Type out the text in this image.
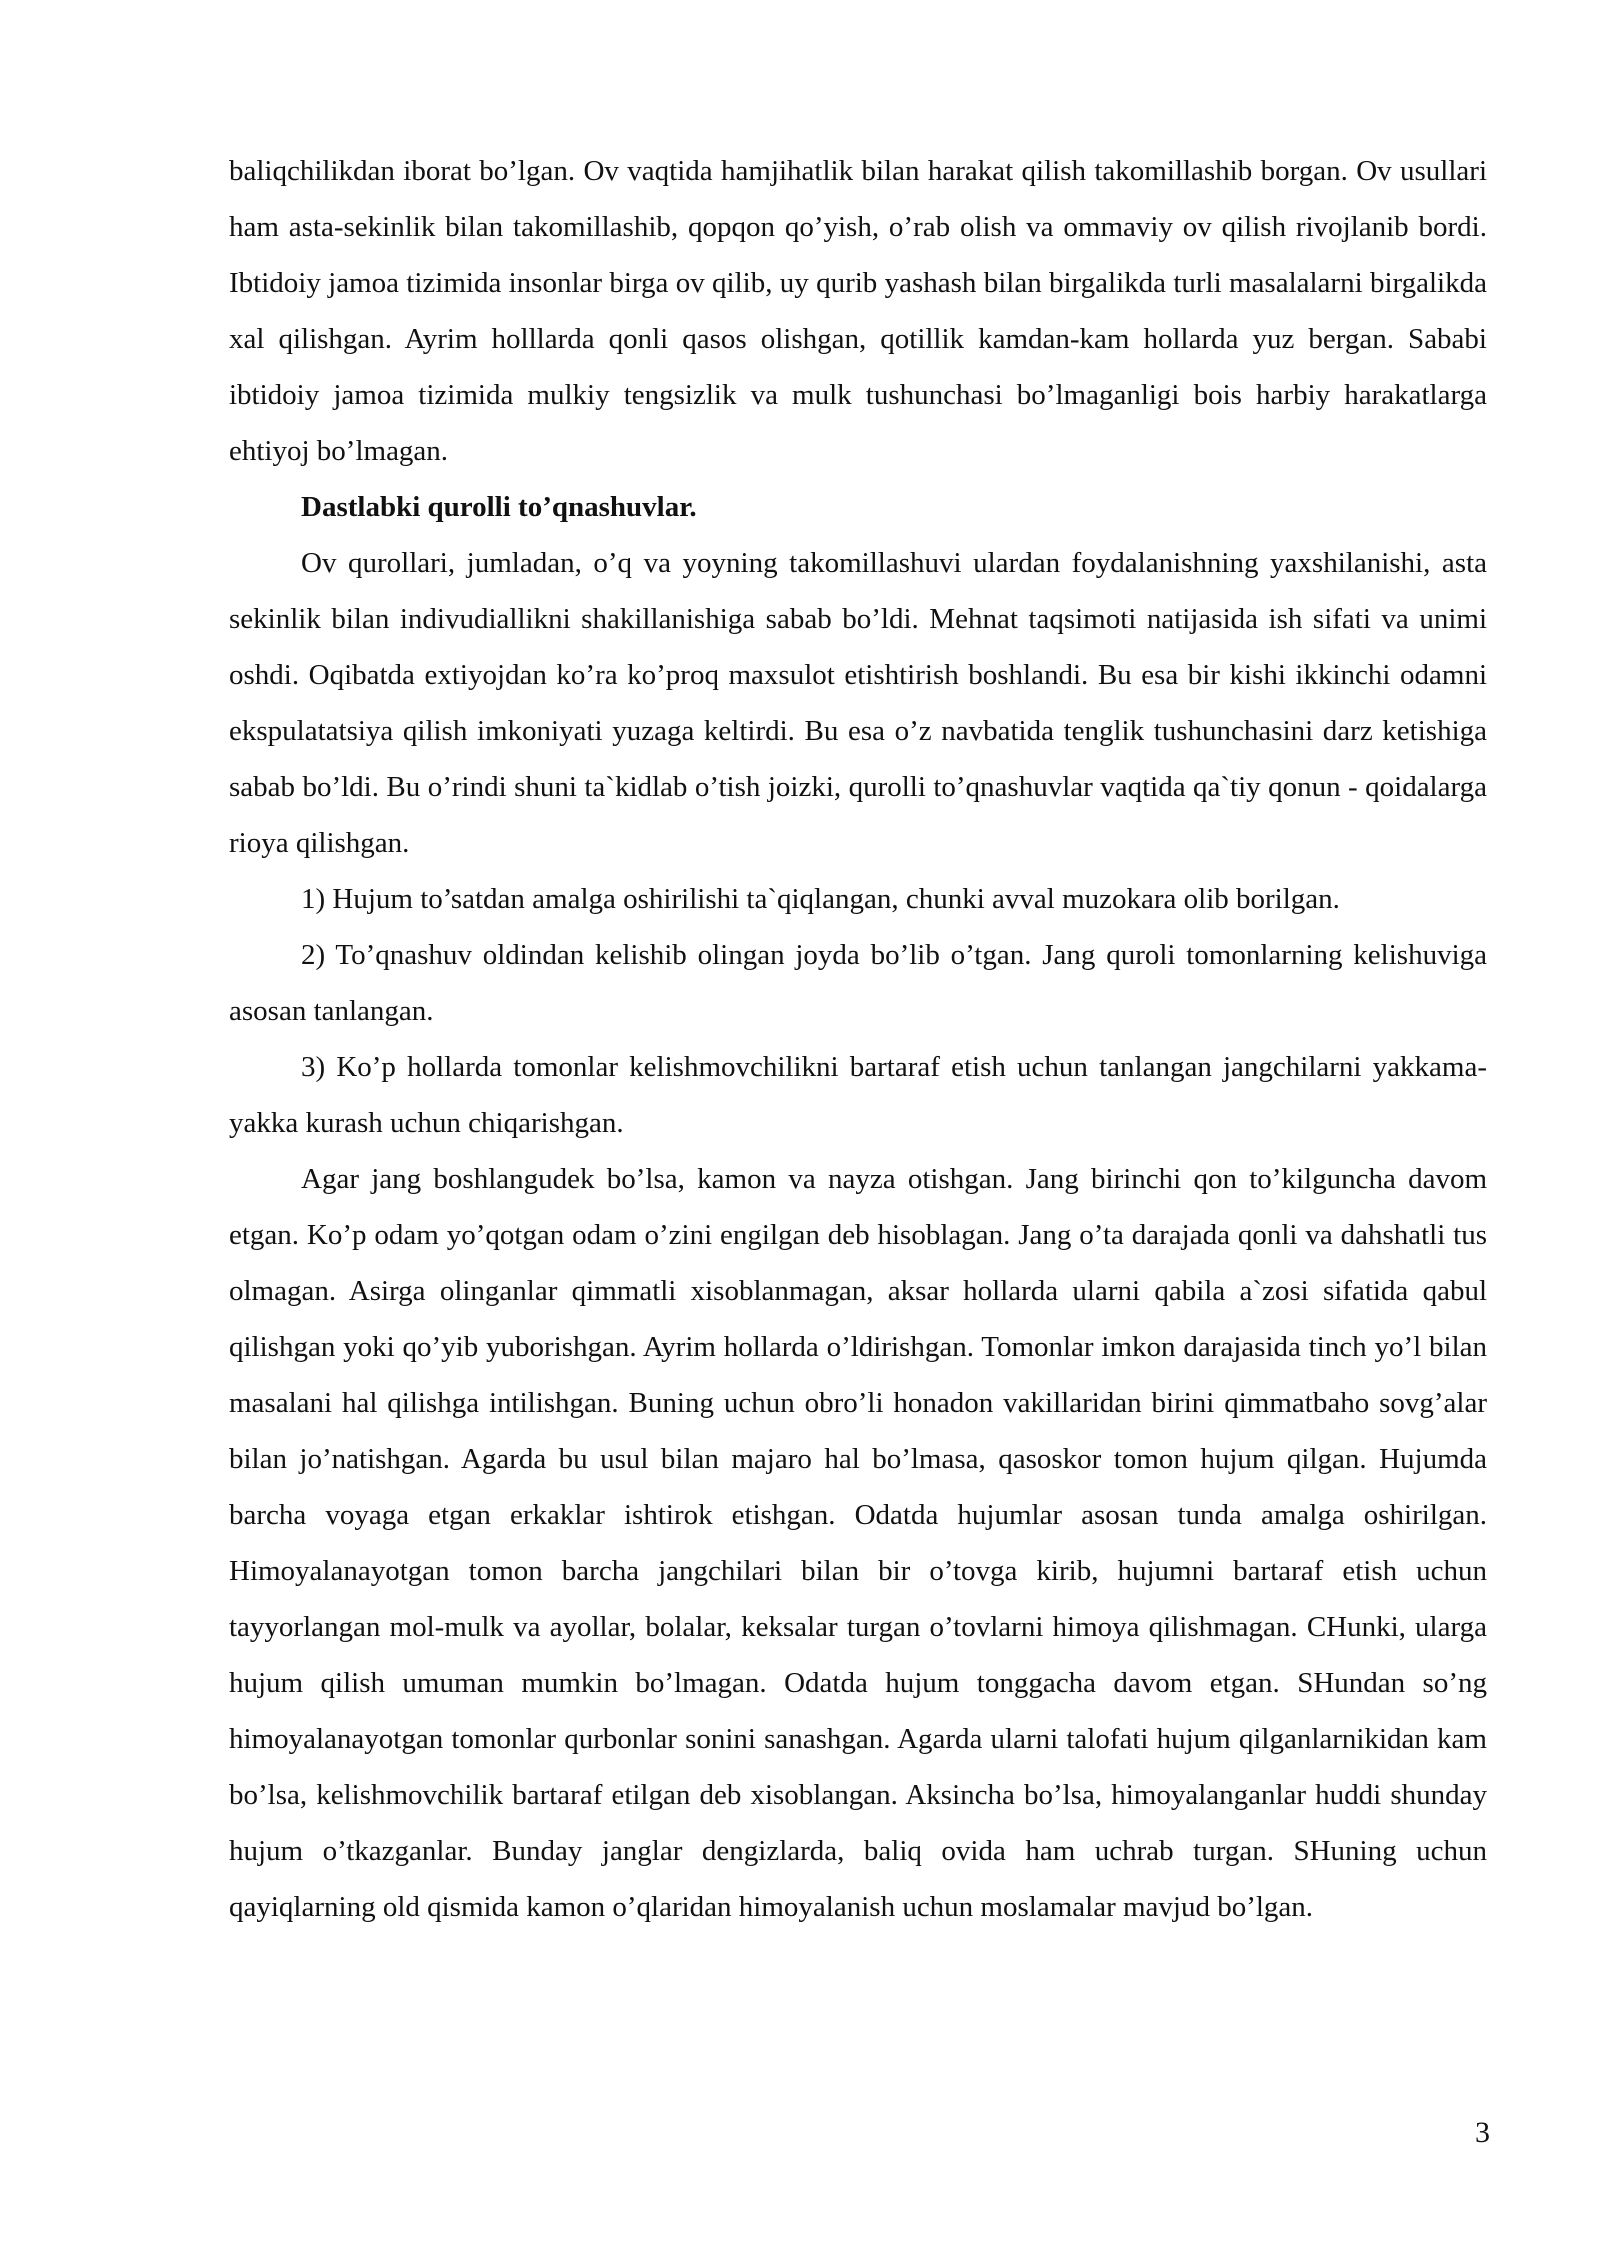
baliqchilikdan iborat bo’lgan. Ov vaqtida hamjihatlik bilan harakat qilish takomillashib borgan. Ov usullari ham asta-sekinlik bilan takomillashib, qopqon qo’yish, o’rab olish va ommaviy ov qilish rivojlanib bordi. Ibtidoiy jamoa tizimida insonlar birga ov qilib, uy qurib yashash bilan birgalikda turli masalalarni birgalikda xal qilishgan. Ayrim holllarda qonli qasos olishgan, qotillik kamdan-kam hollarda yuz bergan. Sababi ibtidoiy jamoa tizimida mulkiy tengsizlik va mulk tushunchasi bo’lmaganligi bois harbiy harakatlarga ehtiyoj bo’lmagan.

Dastlabki qurolli to’qnashuvlar.

Ov qurollari, jumladan, o’q va yoyning takomillashuvi ulardan foydalanishning yaxshilanishi, asta sekinlik bilan indivudiallikni shakillanishiga sabab bo’ldi. Mehnat taqsimoti natijasida ish sifati va unimi oshdi. Oqibatda extiyojdan ko’ra ko’proq maxsulot etishtirish boshlandi. Bu esa bir kishi ikkinchi odamni ekspulatatsiya qilish imkoniyati yuzaga keltirdi. Bu esa o’z navbatida tenglik tushunchasini darz ketishiga sabab bo’ldi. Bu o’rindi shuni ta`kidlab o’tish joizki, qurolli to’qnashuvlar vaqtida qa`tiy qonun - qoidalarga rioya qilishgan.

1) Hujum to’satdan amalga oshirilishi ta`qiqlangan, chunki avval muzokara olib borilgan.

2) To’qnashuv oldindan kelishib olingan joyda bo’lib o’tgan. Jang quroli tomonlarning kelishuviga asosan tanlangan.

3) Ko’p hollarda tomonlar kelishmovchilikni bartaraf etish uchun tanlangan jangchilarni yakkama-yakka kurash uchun chiqarishgan.

Agar jang boshlangudek bo’lsa, kamon va nayza otishgan. Jang birinchi qon to’kilguncha davom etgan. Ko’p odam yo’qotgan odam o’zini engilgan deb hisoblagan. Jang o’ta darajada qonli va dahshatli tus olmagan. Asirga olinganlar qimmatli xisoblanmagan, aksar hollarda ularni qabila a`zosi sifatida qabul qilishgan yoki qo’yib yuborishgan. Ayrim hollarda o’ldirishgan. Tomonlar imkon darajasida tinch yo’l bilan masalani hal qilishga intilishgan. Buning uchun obro’li honadon vakillaridan birini qimmatbaho sovg’alar bilan jo’natishgan. Agarda bu usul bilan majaro hal bo’lmasa, qasoskor tomon hujum qilgan. Hujumda barcha voyaga etgan erkaklar ishtirok etishgan. Odatda hujumlar asosan tunda amalga oshirilgan. Himoyalanayotgan tomon barcha jangchilari bilan bir o’tovga kirib, hujumni bartaraf etish uchun tayyorlangan mol-mulk va ayollar, bolalar, keksalar turgan o’tovlarni himoya qilishmagan. CHunki, ularga hujum qilish umuman mumkin bo’lmagan. Odatda hujum tonggacha davom etgan. SHundan so’ng himoyalanayotgan tomonlar qurbonlar sonini sanashgan. Agarda ularni talofati hujum qilganlarnikidan kam bo’lsa, kelishmovchilik bartaraf etilgan deb xisoblangan. Aksincha bo’lsa, himoyalanganlar huddi shunday hujum o’tkazganlar. Bunday janglar dengizlarda, baliq ovida ham uchrab turgan. SHuning uchun qayiqlarning old qismida kamon o’qlaridan himoyalanish uchun moslamalar mavjud bo’lgan.

3
